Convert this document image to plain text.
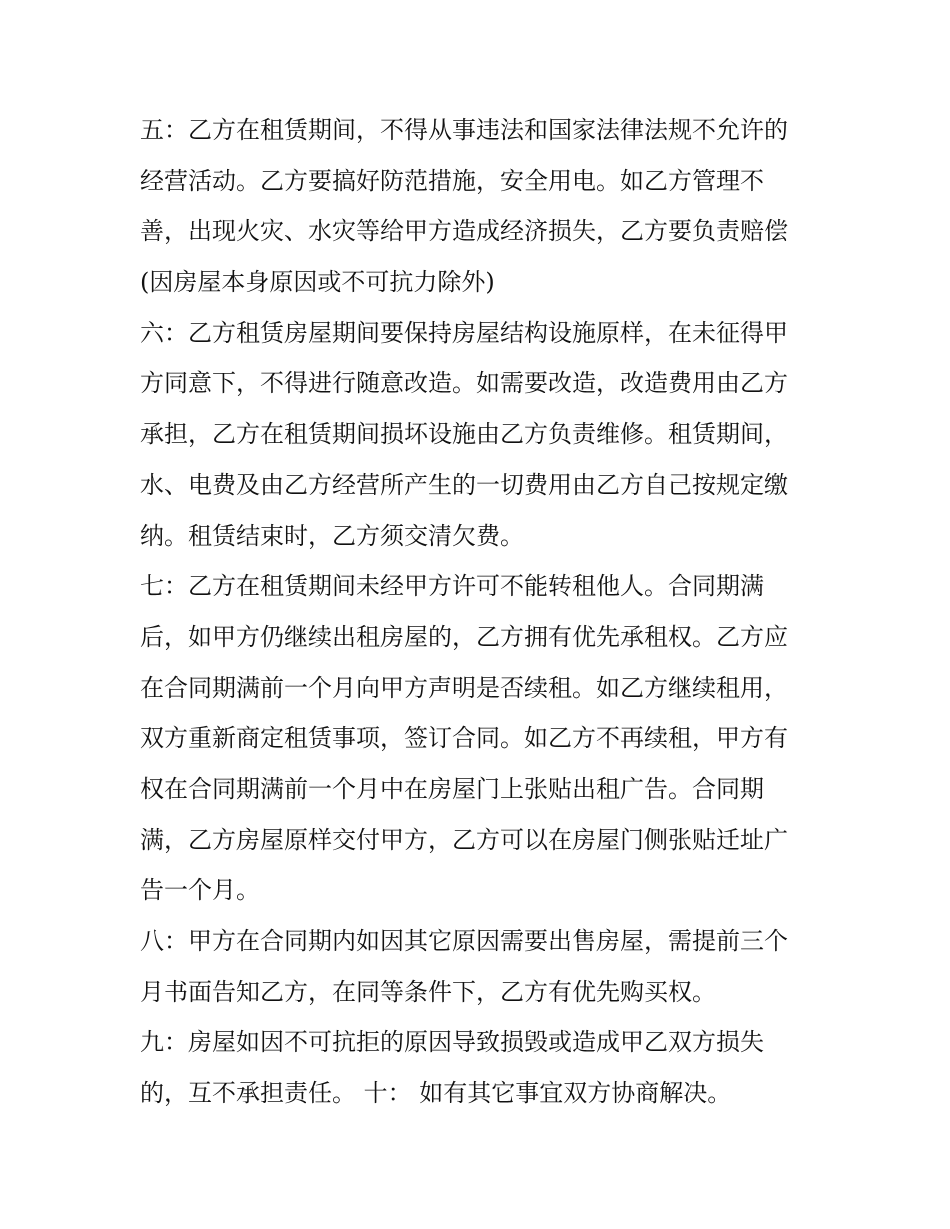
五：乙方在租赁期间，不得从事违法和国家法律法规不允许的
经营活动。乙方要搞好防范措施，安全用电。如乙方管理不
善，出现火灾、水灾等给甲方造成经济损失，乙方要负责赔偿
(因房屋本身原因或不可抗力除外)
六：乙方租赁房屋期间要保持房屋结构设施原样，在未征得甲
方同意下，不得进行随意改造。如需要改造，改造费用由乙方
承担，乙方在租赁期间损坏设施由乙方负责维修。租赁期间，
水、电费及由乙方经营所产生的一切费用由乙方自己按规定缴
纳。租赁结束时，乙方须交清欠费。
七：乙方在租赁期间未经甲方许可不能转租他人。合同期满
后，如甲方仍继续出租房屋的，乙方拥有优先承租权。乙方应
在合同期满前一个月向甲方声明是否续租。如乙方继续租用，
双方重新商定租赁事项，签订合同。如乙方不再续租，甲方有
权在合同期满前一个月中在房屋门上张贴出租广告。合同期
满，乙方房屋原样交付甲方，乙方可以在房屋门侧张贴迁址广
告一个月。
八：甲方在合同期内如因其它原因需要出售房屋，需提前三个
月书面告知乙方，在同等条件下，乙方有优先购买权。
九：房屋如因不可抗拒的原因导致损毁或造成甲乙双方损失
的，互不承担责任。 十： 如有其它事宜双方协商解决。
